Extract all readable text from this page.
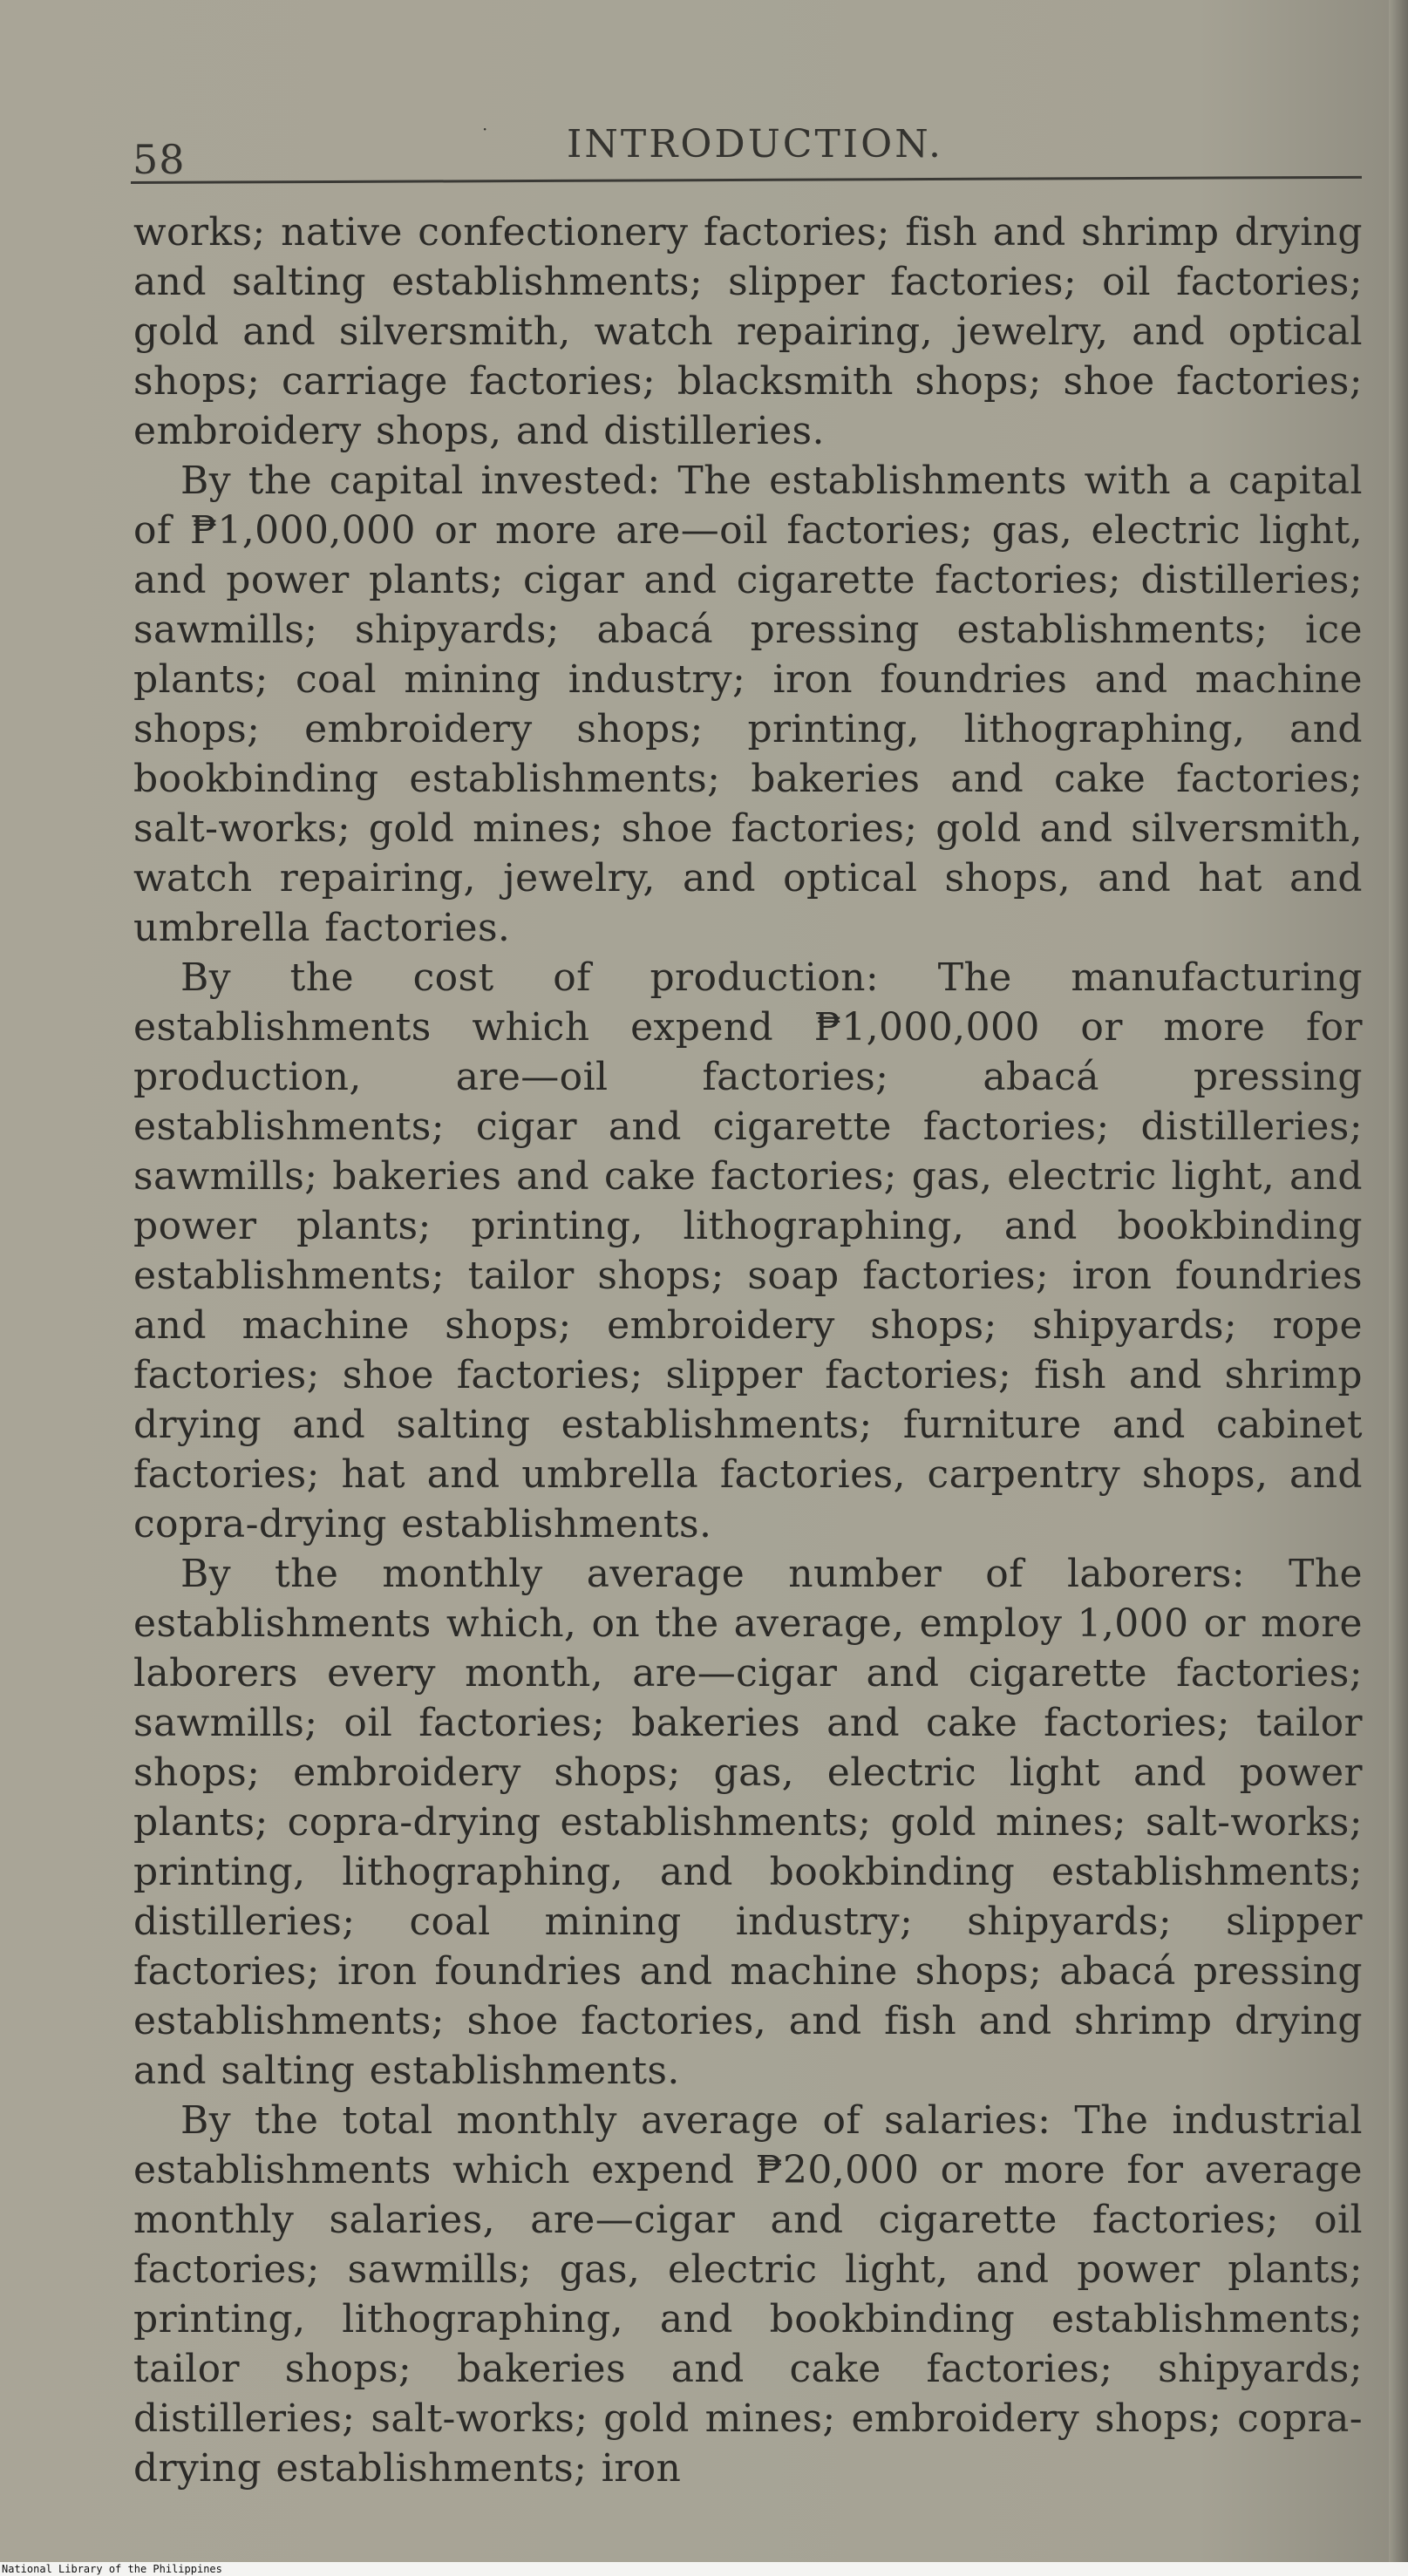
58
· INTRODUCTION.

works; native confectionery factories; fish and shrimp drying and salting establishments; slipper factories; oil factories; gold and silversmith, watch repairing, jewelry, and optical shops; carriage factories; blacksmith shops; shoe factories; embroidery shops, and distilleries.

By the capital invested: The establishments with a capital of ₱1,000,000 or more are—oil factories; gas, electric light, and power plants; cigar and cigarette factories; distilleries; sawmills; shipyards; abacá pressing establishments; ice plants; coal mining industry; iron foundries and machine shops; embroidery shops; printing, lithographing, and bookbinding establishments; bakeries and cake factories; salt-works; gold mines; shoe factories; gold and silversmith, watch repairing, jewelry, and optical shops, and hat and umbrella factories.

By the cost of production: The manufacturing establishments which expend ₱1,000,000 or more for production, are—oil factories; abacá pressing establishments; cigar and cigarette factories; distilleries; sawmills; bakeries and cake factories; gas, electric light, and power plants; printing, lithographing, and bookbinding establishments; tailor shops; soap factories; iron foundries and machine shops; embroidery shops; shipyards; rope factories; shoe factories; slipper factories; fish and shrimp drying and salting establishments; furniture and cabinet factories; hat and umbrella factories, carpentry shops, and copra-drying establishments.

By the monthly average number of laborers: The establishments which, on the average, employ 1,000 or more laborers every month, are—cigar and cigarette factories; sawmills; oil factories; bakeries and cake factories; tailor shops; embroidery shops; gas, electric light and power plants; copra-drying establishments; gold mines; salt-works; printing, lithographing, and bookbinding establishments; distilleries; coal mining industry; shipyards; slipper factories; iron foundries and machine shops; abacá pressing establishments; shoe factories, and fish and shrimp drying and salting establishments.

By the total monthly average of salaries: The industrial establishments which expend ₱20,000 or more for average monthly salaries, are—cigar and cigarette factories; oil factories; sawmills; gas, electric light, and power plants; printing, lithographing, and bookbinding establishments; tailor shops; bakeries and cake factories; shipyards; distilleries; salt-works; gold mines; embroidery shops; copra-drying establishments; iron

National Library of the Philippines
